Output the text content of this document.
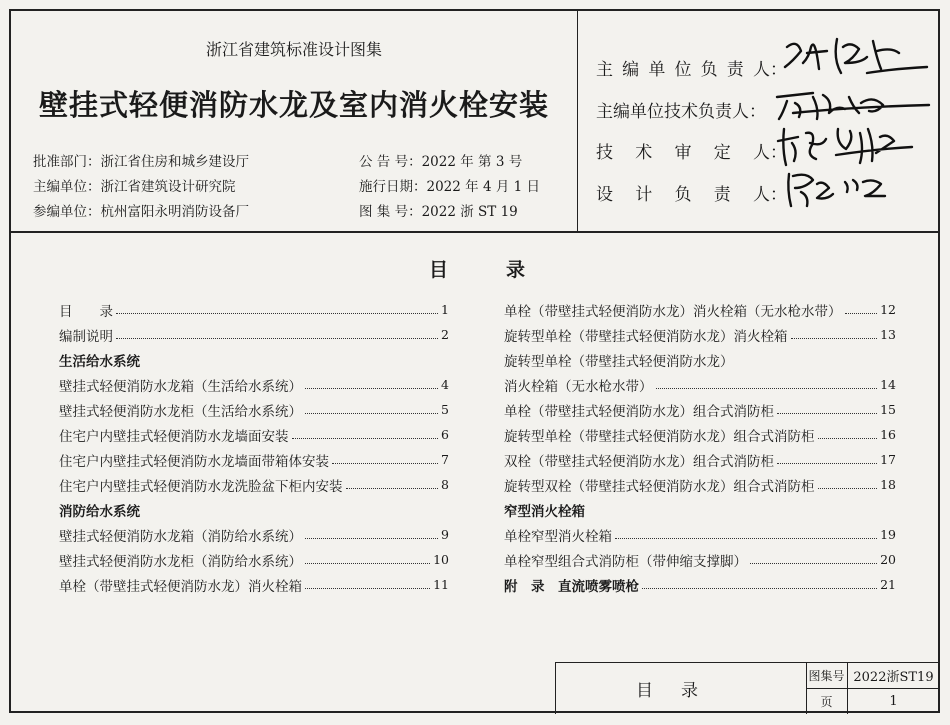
浙江省建筑标准设计图集
壁挂式轻便消防水龙及室内消火栓安装
批准部门：浙江省住房和城乡建设厅
主编单位：浙江省建筑设计研究院
参编单位：杭州富阳永明消防设备厂
公 告 号：2022 年 第 3 号
施行日期：2022 年 4 月 1 日
图 集 号：2022 浙 ST 19
主 编 单 位 负 责 人 ：
主编单位技术负责人：
技 术 审 定 人 ：
设 计 负 责 人 ：
目	录
目　　录	1
编制说明	2
生活给水系统
壁挂式轻便消防水龙箱（生活给水系统）	4
壁挂式轻便消防水龙柜（生活给水系统）	5
住宅户内壁挂式轻便消防水龙墙面安装	6
住宅户内壁挂式轻便消防水龙墙面带箱体安装	7
住宅户内壁挂式轻便消防水龙洗脸盆下柜内安装	8
消防给水系统
壁挂式轻便消防水龙箱（消防给水系统）	9
壁挂式轻便消防水龙柜（消防给水系统）	10
单栓（带壁挂式轻便消防水龙）消火栓箱	11
单栓（带壁挂式轻便消防水龙）消火栓箱（无水枪水带）	12
旋转型单栓（带壁挂式轻便消防水龙）消火栓箱	13
旋转型单栓（带壁挂式轻便消防水龙）
消火栓箱（无水枪水带）	14
单栓（带壁挂式轻便消防水龙）组合式消防柜	15
旋转型单栓（带壁挂式轻便消防水龙）组合式消防柜	16
双栓（带壁挂式轻便消防水龙）组合式消防柜	17
旋转型双栓（带壁挂式轻便消防水龙）组合式消防柜	18
窄型消火栓箱
单栓窄型消火栓箱	19
单栓窄型组合式消防柜（带伸缩支撑脚）	20
附　录　直流喷雾喷枪	21
目录
图集号 2022浙ST19
页	1
